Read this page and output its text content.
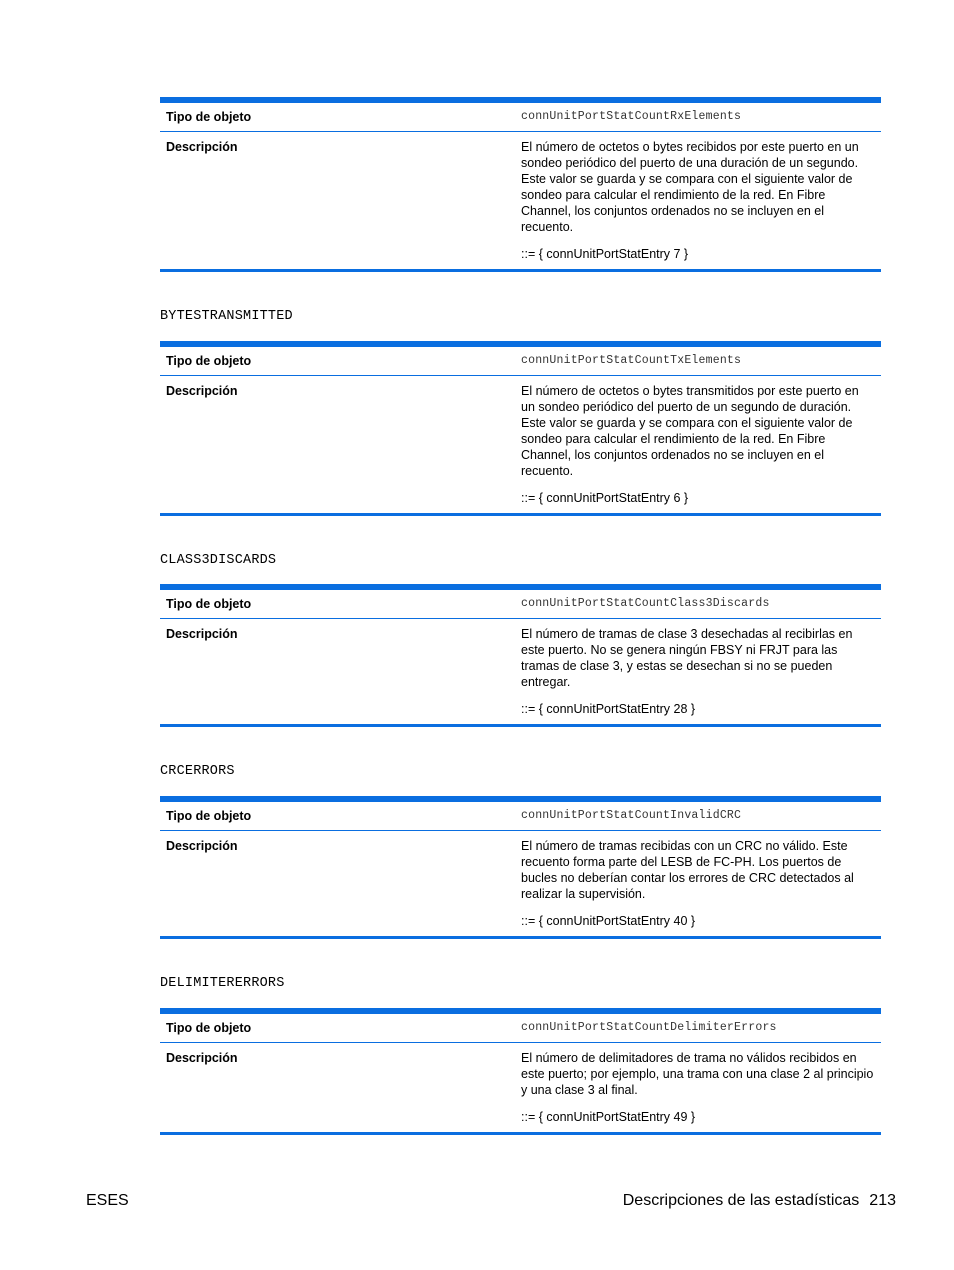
Tipo de objeto	connUnitPortStatCountRxElements
Descripción	El número de octetos o bytes recibidos por este puerto en un sondeo periódico del puerto de una duración de un segundo. Este valor se guarda y se compara con el siguiente valor de sondeo para calcular el rendimiento de la red. En Fibre Channel, los conjuntos ordenados no se incluyen en el recuento.

::= { connUnitPortStatEntry 7 }

BYTESTRANSMITTED
Tipo de objeto	connUnitPortStatCountTxElements
Descripción	El número de octetos o bytes transmitidos por este puerto en un sondeo periódico del puerto de un segundo de duración. Este valor se guarda y se compara con el siguiente valor de sondeo para calcular el rendimiento de la red. En Fibre Channel, los conjuntos ordenados no se incluyen en el recuento.

::= { connUnitPortStatEntry 6 }

CLASS3DISCARDS
Tipo de objeto	connUnitPortStatCountClass3Discards
Descripción	El número de tramas de clase 3 desechadas al recibirlas en este puerto. No se genera ningún FBSY ni FRJT para las tramas de clase 3, y estas se desechan si no se pueden entregar.

::= { connUnitPortStatEntry 28 }

CRCERRORS
Tipo de objeto	connUnitPortStatCountInvalidCRC
Descripción	El número de tramas recibidas con un CRC no válido. Este recuento forma parte del LESB de FC-PH. Los puertos de bucles no deberían contar los errores de CRC detectados al realizar la supervisión.

::= { connUnitPortStatEntry 40 }

DELIMITERERRORS
Tipo de objeto	connUnitPortStatCountDelimiterErrors
Descripción	El número de delimitadores de trama no válidos recibidos en este puerto; por ejemplo, una trama con una clase 2 al principio y una clase 3 al final.

::= { connUnitPortStatEntry 49 }

ESES	Descripciones de las estadísticas 213
